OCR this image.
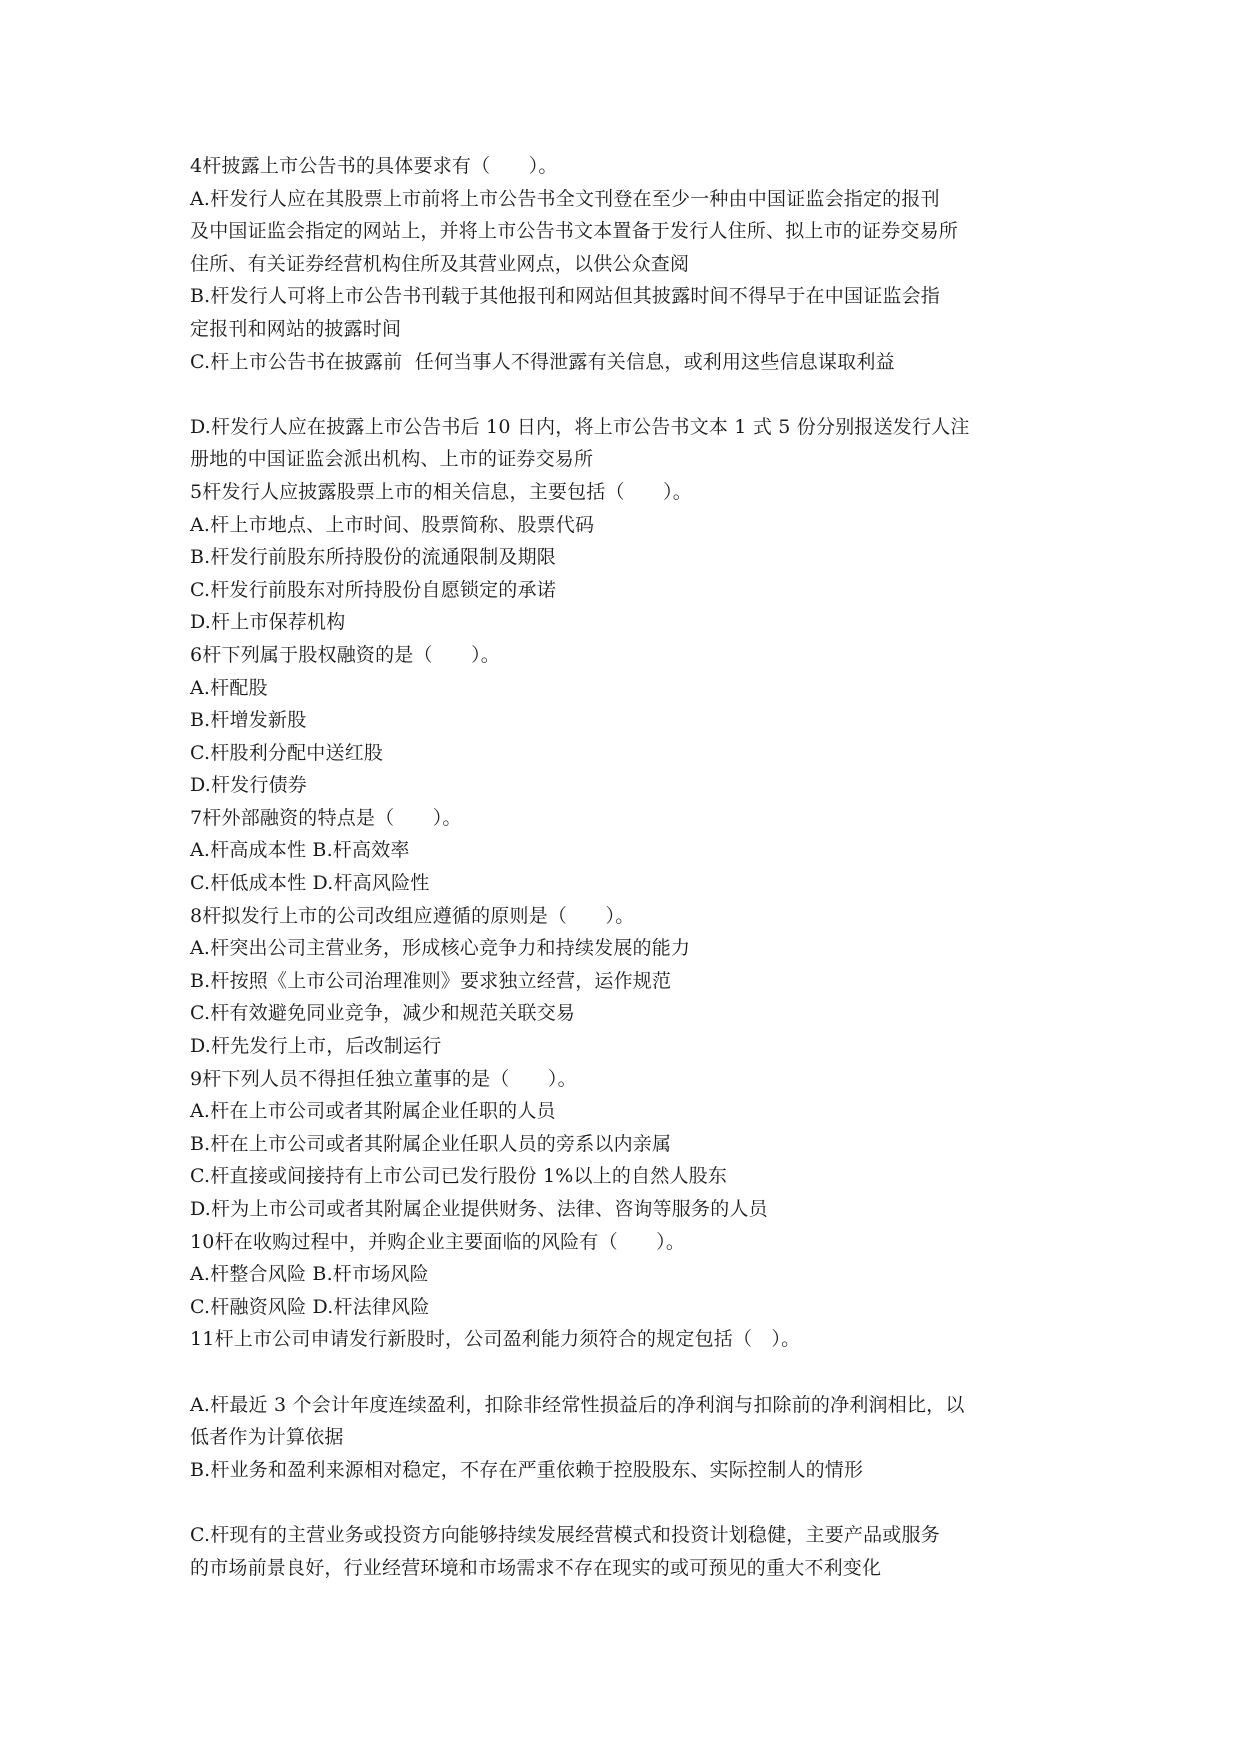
4杆披露上市公告书的具体要求有（　　）。
A.杆发行人应在其股票上市前将上市公告书全文刊登在至少一种由中国证监会指定的报刊
及中国证监会指定的网站上，并将上市公告书文本置备于发行人住所、拟上市的证券交易所
住所、有关证券经营机构住所及其营业网点，以供公众查阅
B.杆发行人可将上市公告书刊载于其他报刊和网站但其披露时间不得早于在中国证监会指
定报刊和网站的披露时间
C.杆上市公告书在披露前  任何当事人不得泄露有关信息，或利用这些信息谋取利益
D.杆发行人应在披露上市公告书后 10 日内，将上市公告书文本 1 式 5 份分别报送发行人注
册地的中国证监会派出机构、上市的证券交易所
5杆发行人应披露股票上市的相关信息，主要包括（　　）。
A.杆上市地点、上市时间、股票简称、股票代码
B.杆发行前股东所持股份的流通限制及期限
C.杆发行前股东对所持股份自愿锁定的承诺
D.杆上市保荐机构
6杆下列属于股权融资的是（　　）。
A.杆配股
B.杆增发新股
C.杆股利分配中送红股
D.杆发行债券
7杆外部融资的特点是（　　）。
A.杆高成本性 B.杆高效率
C.杆低成本性 D.杆高风险性
8杆拟发行上市的公司改组应遵循的原则是（　　）。
A.杆突出公司主营业务，形成核心竞争力和持续发展的能力
B.杆按照《上市公司治理准则》要求独立经营，运作规范
C.杆有效避免同业竞争，减少和规范关联交易
D.杆先发行上市，后改制运行
9杆下列人员不得担任独立董事的是（　　）。
A.杆在上市公司或者其附属企业任职的人员
B.杆在上市公司或者其附属企业任职人员的旁系以内亲属
C.杆直接或间接持有上市公司已发行股份 1%以上的自然人股东
D.杆为上市公司或者其附属企业提供财务、法律、咨询等服务的人员
10杆在收购过程中，并购企业主要面临的风险有（　　）。
A.杆整合风险 B.杆市场风险
C.杆融资风险 D.杆法律风险
11杆上市公司申请发行新股时，公司盈利能力须符合的规定包括（　）。
A.杆最近 3 个会计年度连续盈利，扣除非经常性损益后的净利润与扣除前的净利润相比，以
低者作为计算依据
B.杆业务和盈利来源相对稳定，不存在严重依赖于控股股东、实际控制人的情形
C.杆现有的主营业务或投资方向能够持续发展经营模式和投资计划稳健，主要产品或服务
的市场前景良好，行业经营环境和市场需求不存在现实的或可预见的重大不利变化
